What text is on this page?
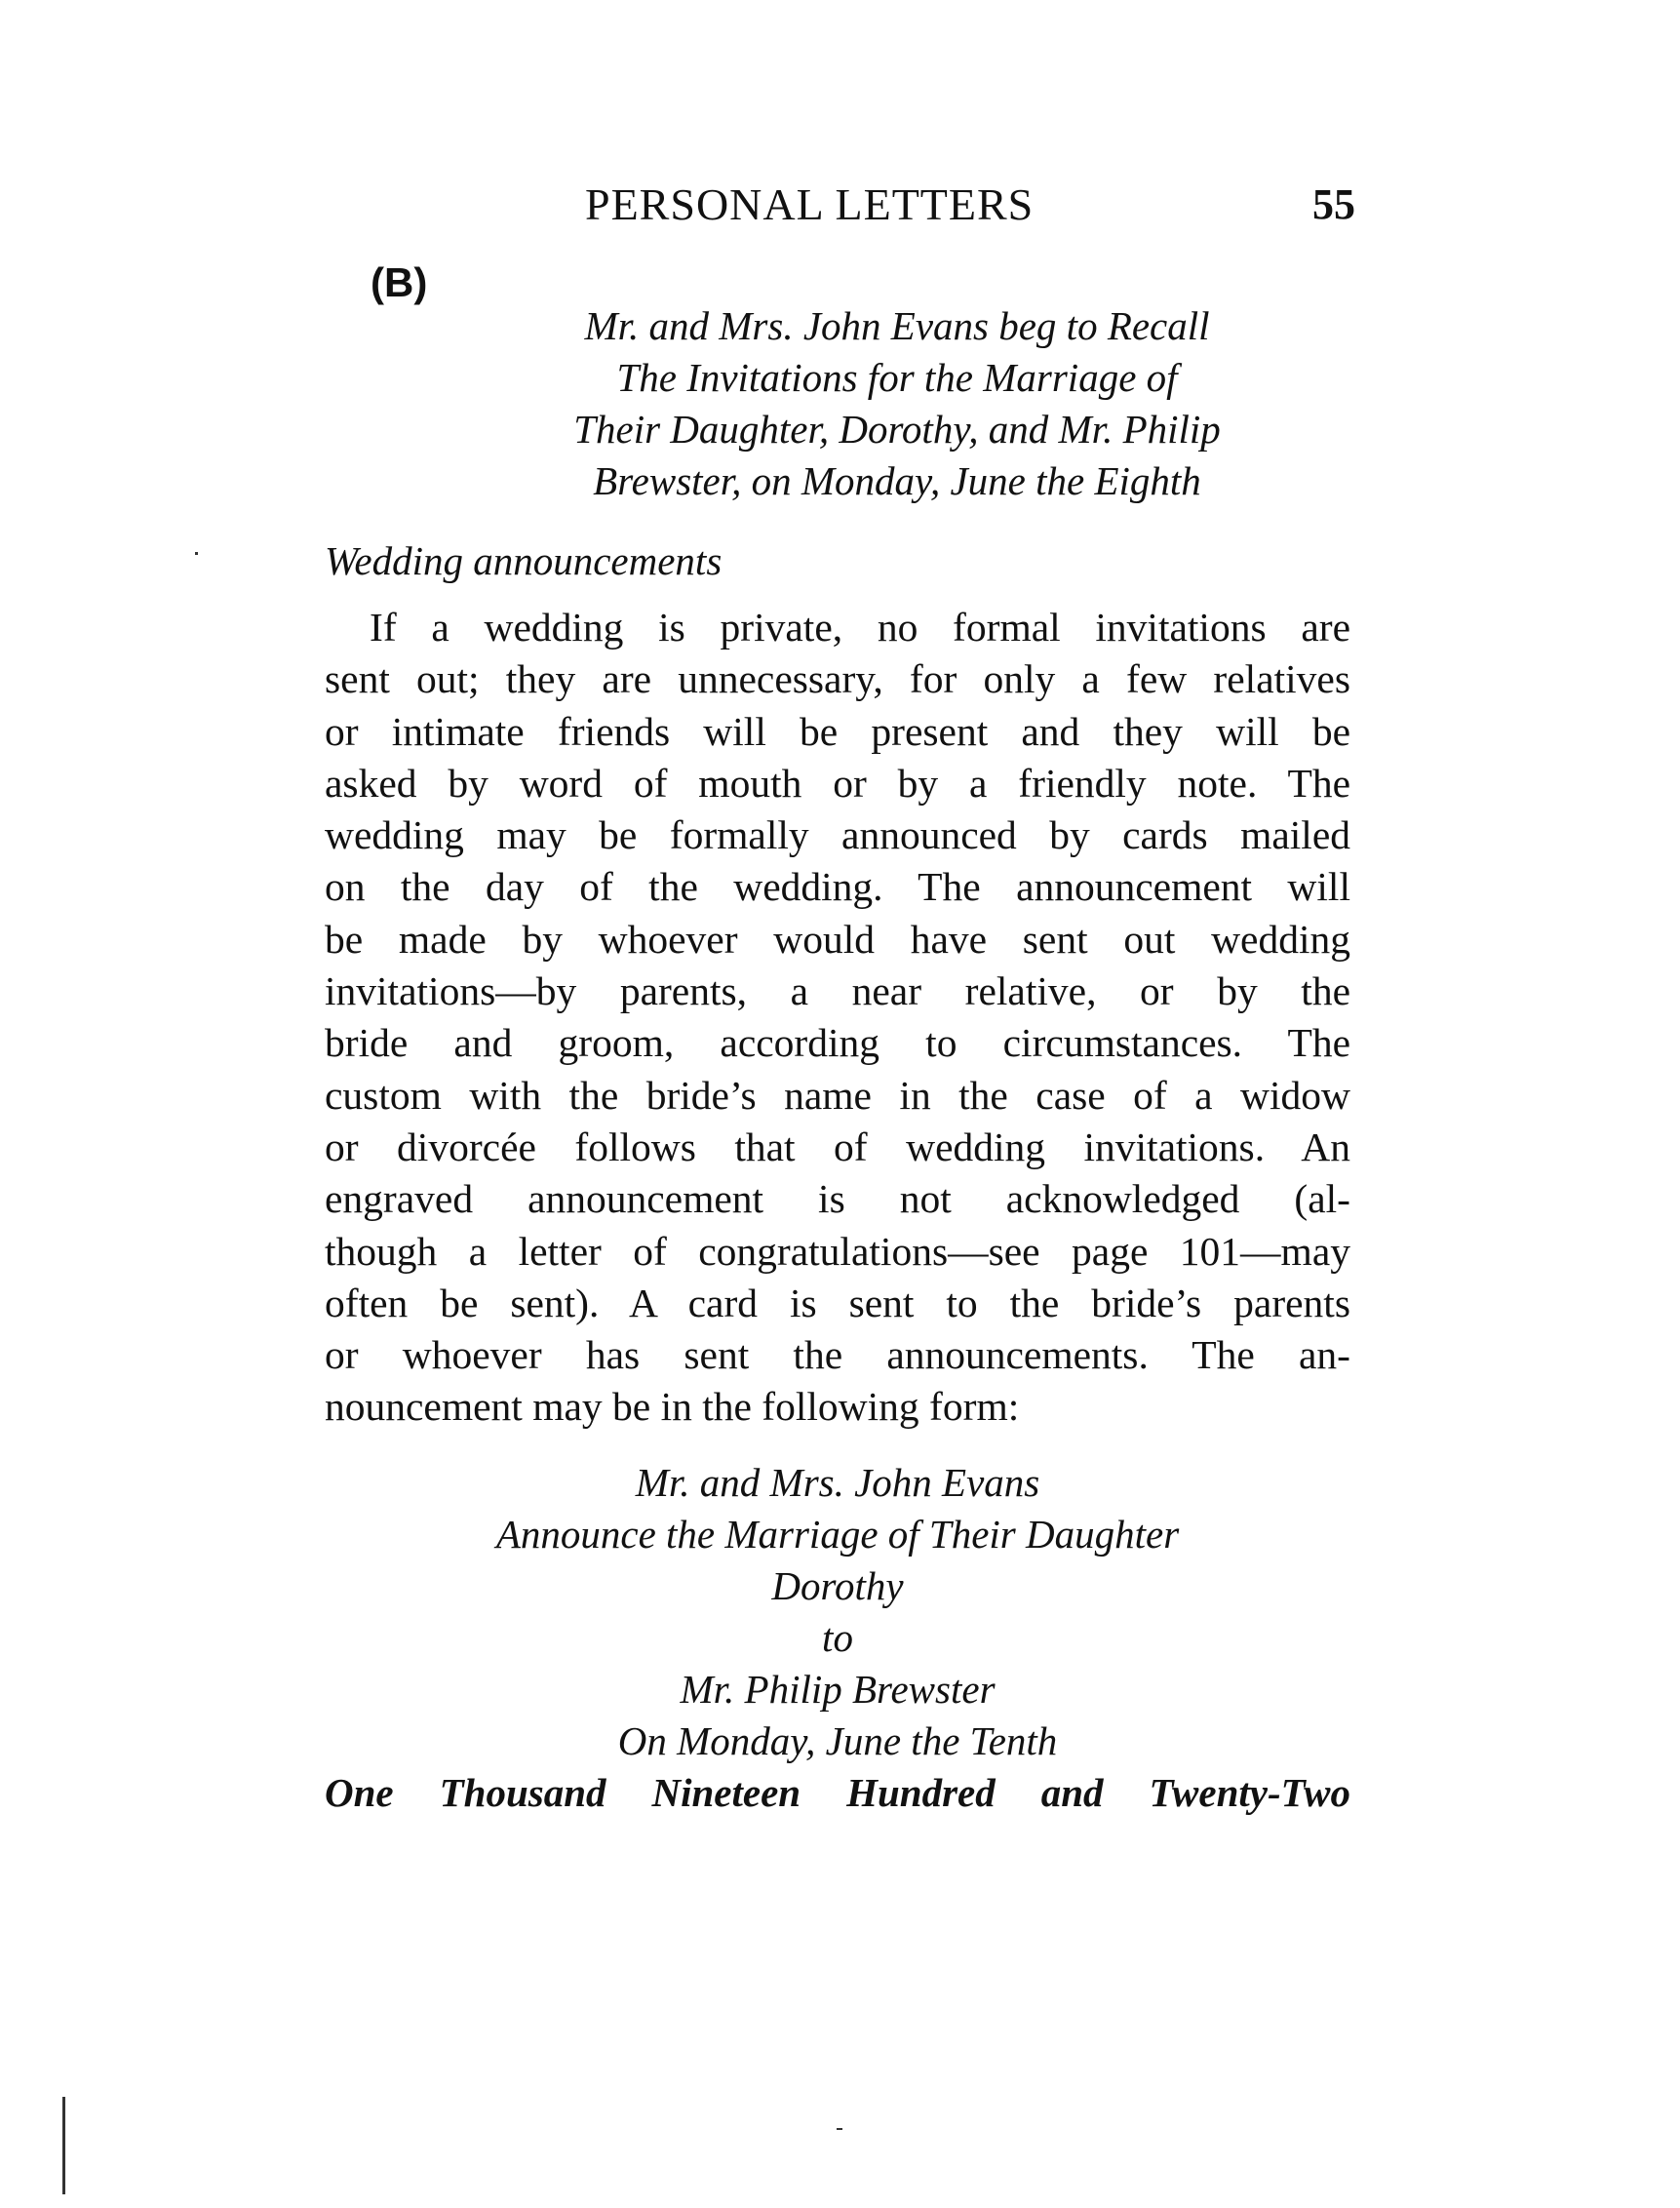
PERSONAL LETTERS	55
(B)
Mr. and Mrs. John Evans beg to Recall
The Invitations for the Marriage of
Their Daughter, Dorothy, and Mr. Philip
Brewster, on Monday, June the Eighth
Wedding announcements
If a wedding is private, no formal invitations are
sent out; they are unnecessary, for only a few relatives
or intimate friends will be present and they will be
asked by word of mouth or by a friendly note. The
wedding may be formally announced by cards mailed
on the day of the wedding. The announcement will
be made by whoever would have sent out wedding
invitations—by parents, a near relative, or by the
bride and groom, according to circumstances. The
custom with the bride’s name in the case of a widow
or divorcée follows that of wedding invitations. An
engraved announcement is not acknowledged (al-
though a letter of congratulations—see page 101—may
often be sent). A card is sent to the bride’s parents
or whoever has sent the announcements. The an-
nouncement may be in the following form:
Mr. and Mrs. John Evans
Announce the Marriage of Their Daughter
Dorothy
to
Mr. Philip Brewster
On Monday, June the Tenth
One Thousand Nineteen Hundred and Twenty-Two
